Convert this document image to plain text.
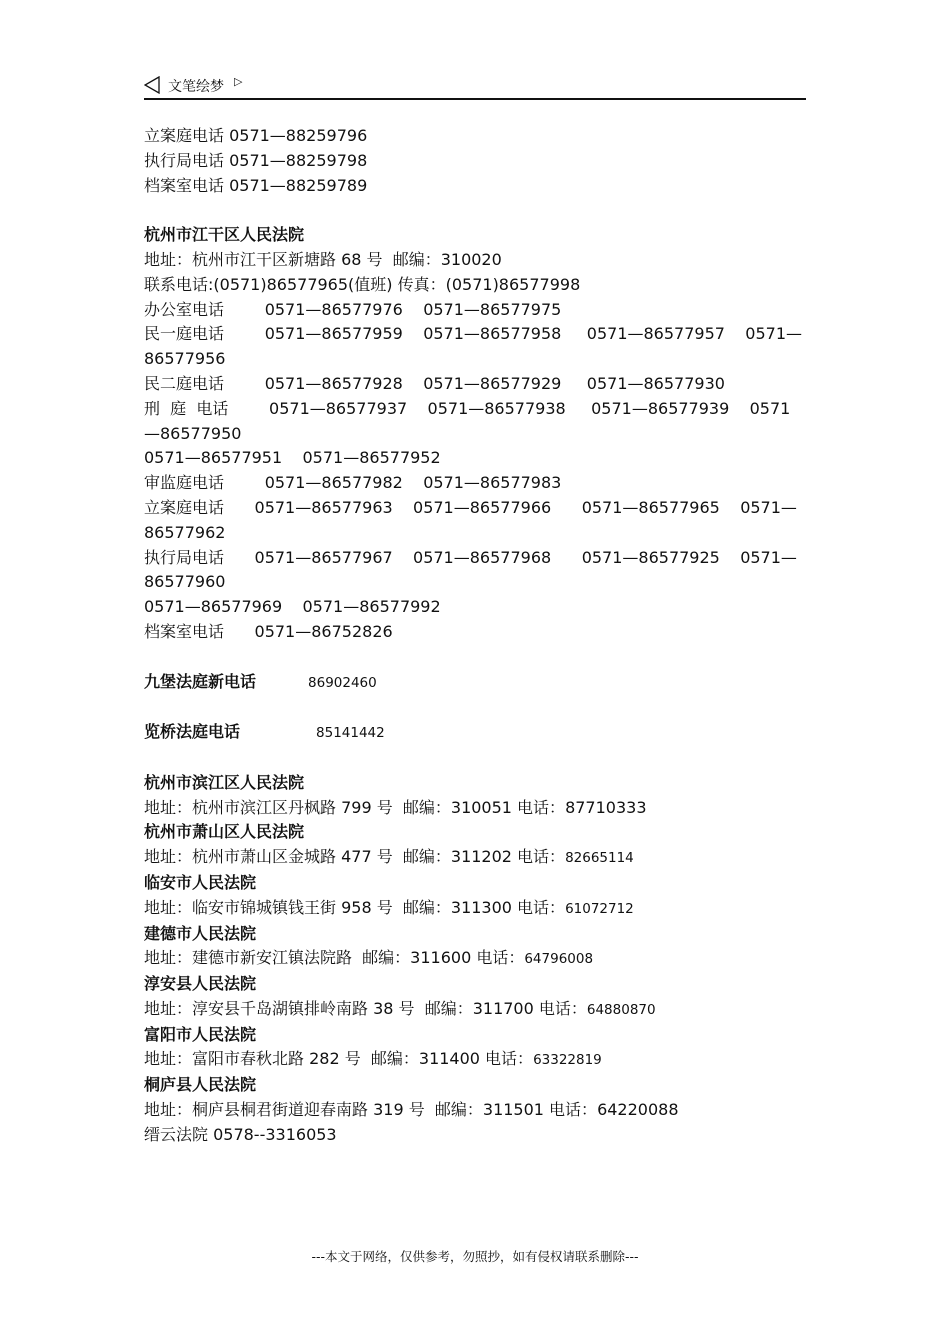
文笔绘梦 ▷
立案庭电话 0571—88259796
执行局电话 0571—88259798
档案室电话 0571—88259789
杭州市江干区人民法院
地址：杭州市江干区新塘路 68 号  邮编：310020
联系电话:(0571)86577965(值班) 传真：(0571)86577998
办公室电话        0571—86577976    0571—86577975
民一庭电话        0571—86577959    0571—86577958     0571—86577957    0571—86577956
民二庭电话        0571—86577928    0571—86577929     0571—86577930
刑  庭  电话        0571—86577937    0571—86577938     0571—86577939    0571—86577950
0571—86577951    0571—86577952
审监庭电话        0571—86577982    0571—86577983
立案庭电话      0571—86577963    0571—86577966      0571—86577965    0571—86577962
执行局电话      0571—86577967    0571—86577968      0571—86577925    0571—86577960
0571—86577969    0571—86577992
档案室电话      0571—86752826
九堡法庭新电话	86902460
览桥法庭电话	85141442
杭州市滨江区人民法院
地址：杭州市滨江区丹枫路 799 号  邮编：310051 电话：87710333
杭州市萧山区人民法院
地址：杭州市萧山区金城路 477 号  邮编：311202 电话：82665114
临安市人民法院
地址：临安市锦城镇钱王街 958 号  邮编：311300 电话：61072712
建德市人民法院
地址：建德市新安江镇法院路  邮编：311600 电话：64796008
淳安县人民法院
地址：淳安县千岛湖镇排岭南路 38 号  邮编：311700 电话：64880870
富阳市人民法院
地址：富阳市春秋北路 282 号  邮编：311400 电话：63322819
桐庐县人民法院
地址：桐庐县桐君街道迎春南路 319 号  邮编：311501 电话：64220088
缙云法院 0578--3316053
---本文于网络，仅供参考，勿照抄，如有侵权请联系删除---
